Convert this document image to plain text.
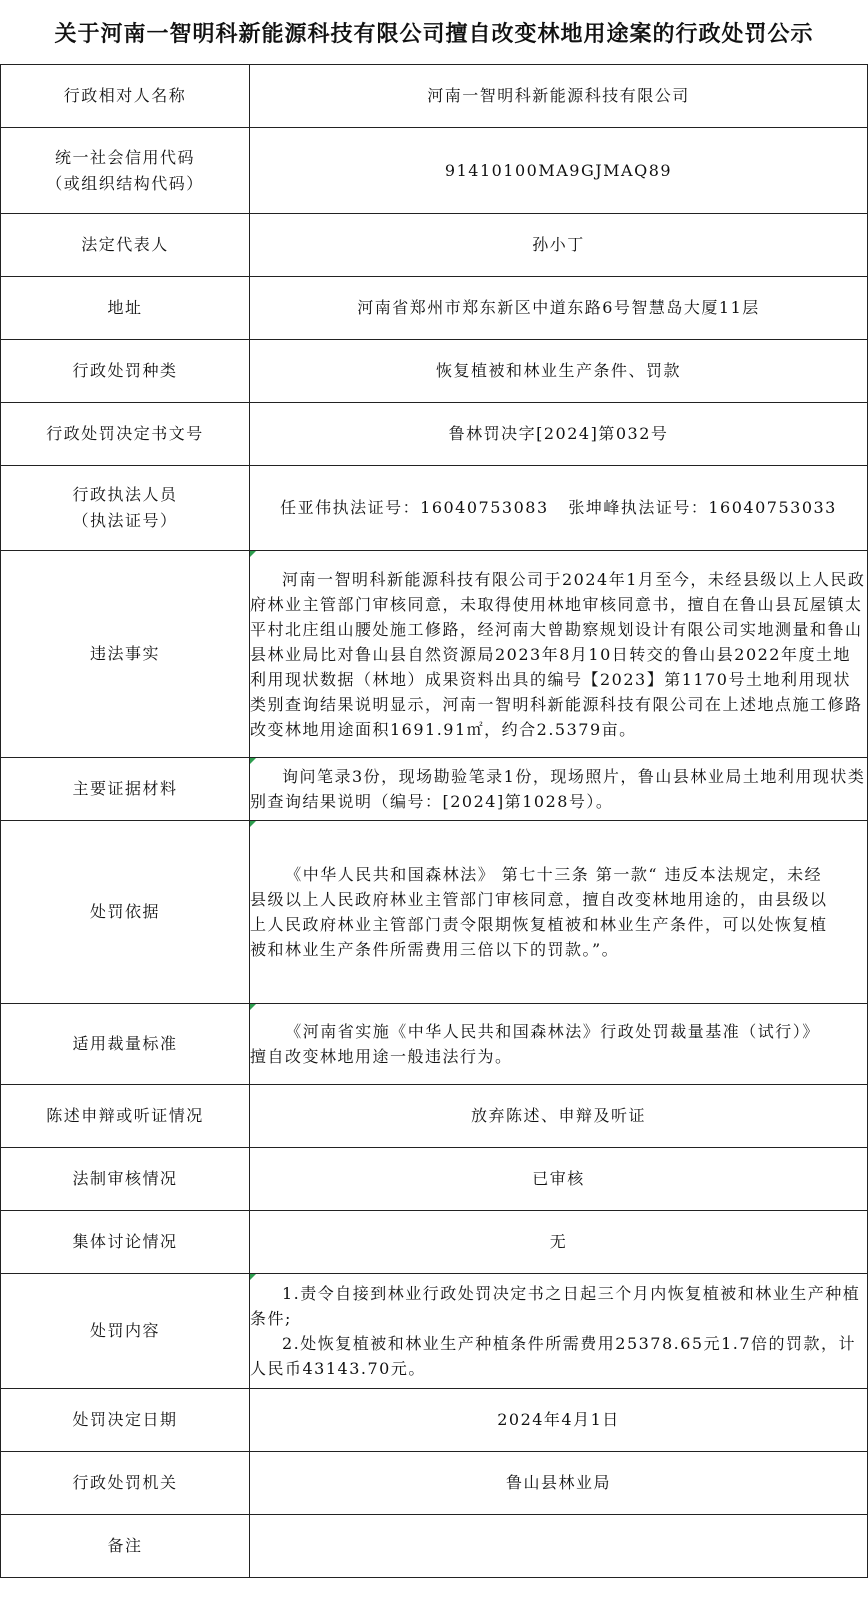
关于河南一智明科新能源科技有限公司擅自改变林地用途案的行政处罚公示
行政相对人名称	河南一智明科新能源科技有限公司

统一社会信用代码
（或组织结构代码）	91410100MA9GJMAQ89
法定代表人	孙小丁
地址	河南省郑州市郑东新区中道东路6号智慧岛大厦11层
行政处罚种类	恢复植被和林业生产条件、罚款
行政处罚决定书文号	鲁林罚决字[2024]第032号

行政执法人员
（执法证号）	任亚伟执法证号：16040753083   张坤峰执法证号：16040753033
违法事实	河南一智明科新能源科技有限公司于2024年1月至今，未经县级以上人民政府林业主管部门审核同意，未取得使用林地审核同意书，擅自在鲁山县瓦屋镇太平村北庄组山腰处施工修路，经河南大曾勘察规划设计有限公司实地测量和鲁山县林业局比对鲁山县自然资源局2023年8月10日转交的鲁山县2022年度土地利用现状数据（林地）成果资料出具的编号【2023】第1170号土地利用现状类别查询结果说明显示，河南一智明科新能源科技有限公司在上述地点施工修路改变林地用途面积1691.91㎡，约合2.5379亩。

主要证据材料	询问笔录3份，现场勘验笔录1份，现场照片，鲁山县林业局土地利用现状类别查询结果说明（编号：[2024]第1028号）。

处罚依据	《中华人民共和国森林法》 第七十三条 第一款“ 违反本法规定，未经县级以上人民政府林业主管部门审核同意，擅自改变林地用途的，由县级以上人民政府林业主管部门责令限期恢复植被和林业生产条件，可以处恢复植被和林业生产条件所需费用三倍以下的罚款。”。

适用裁量标准	《河南省实施《中华人民共和国森林法》行政处罚裁量基准（试行）》擅自改变林地用途一般违法行为。

陈述申辩或听证情况	放弃陈述、申辩及听证
法制审核情况	已审核
集体讨论情况	无
处罚内容	1.责令自接到林业行政处罚决定书之日起三个月内恢复植被和林业生产种植条件;

2.处恢复植被和林业生产种植条件所需费用25378.65元1.7倍的罚款，计人民币43143.70元。

处罚决定日期	2024年4月1日
行政处罚机关	鲁山县林业局
备注	
